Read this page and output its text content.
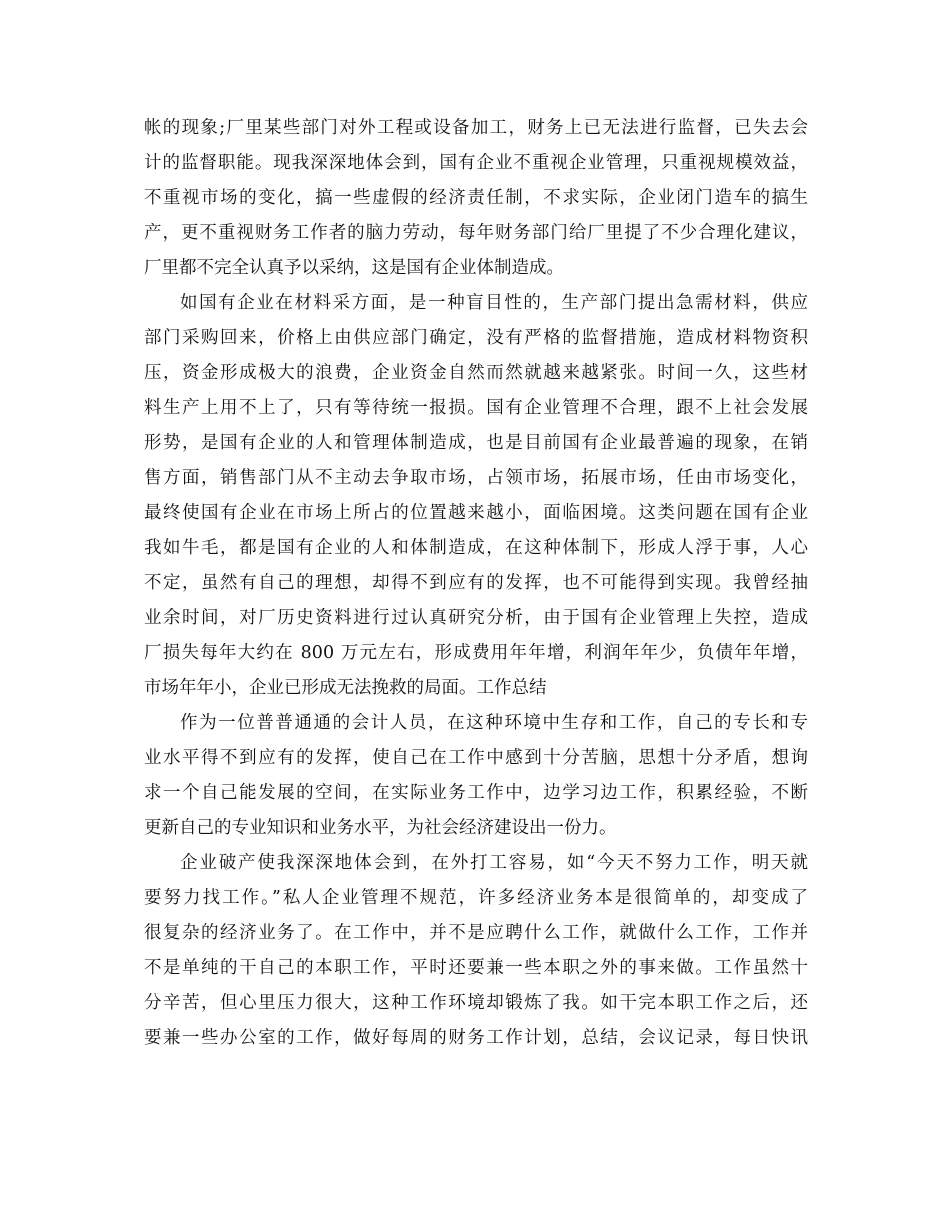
帐的现象;厂里某些部门对外工程或设备加工，财务上已无法进行监督，已失去会
计的监督职能。现我深深地体会到，国有企业不重视企业管理，只重视规模效益，
不重视市场的变化，搞一些虚假的经济责任制，不求实际，企业闭门造车的搞生
产，更不重视财务工作者的脑力劳动，每年财务部门给厂里提了不少合理化建议，
厂里都不完全认真予以采纳，这是国有企业体制造成。
如国有企业在材料采方面，是一种盲目性的，生产部门提出急需材料，供应
部门采购回来，价格上由供应部门确定，没有严格的监督措施，造成材料物资积
压，资金形成极大的浪费，企业资金自然而然就越来越紧张。时间一久，这些材
料生产上用不上了，只有等待统一报损。国有企业管理不合理，跟不上社会发展
形势，是国有企业的人和管理体制造成，也是目前国有企业最普遍的现象，在销
售方面，销售部门从不主动去争取市场，占领市场，拓展市场，任由市场变化，
最终使国有企业在市场上所占的位置越来越小，面临困境。这类问题在国有企业
我如牛毛，都是国有企业的人和体制造成，在这种体制下，形成人浮于事，人心
不定，虽然有自己的理想，却得不到应有的发挥，也不可能得到实现。我曾经抽
业余时间，对厂历史资料进行过认真研究分析，由于国有企业管理上失控，造成
厂损失每年大约在 800 万元左右，形成费用年年增，利润年年少，负债年年增，
市场年年小，企业已形成无法挽救的局面。工作总结
作为一位普普通通的会计人员，在这种环境中生存和工作，自己的专长和专
业水平得不到应有的发挥，使自己在工作中感到十分苦脑，思想十分矛盾，想询
求一个自己能发展的空间，在实际业务工作中，边学习边工作，积累经验，不断
更新自己的专业知识和业务水平，为社会经济建设出一份力。
企业破产使我深深地体会到，在外打工容易，如“今天不努力工作，明天就
要努力找工作。”私人企业管理不规范，许多经济业务本是很简单的，却变成了
很复杂的经济业务了。在工作中，并不是应聘什么工作，就做什么工作，工作并
不是单纯的干自己的本职工作，平时还要兼一些本职之外的事来做。工作虽然十
分辛苦，但心里压力很大，这种工作环境却锻炼了我。如干完本职工作之后，还
要兼一些办公室的工作，做好每周的财务工作计划，总结，会议记录，每日快讯
